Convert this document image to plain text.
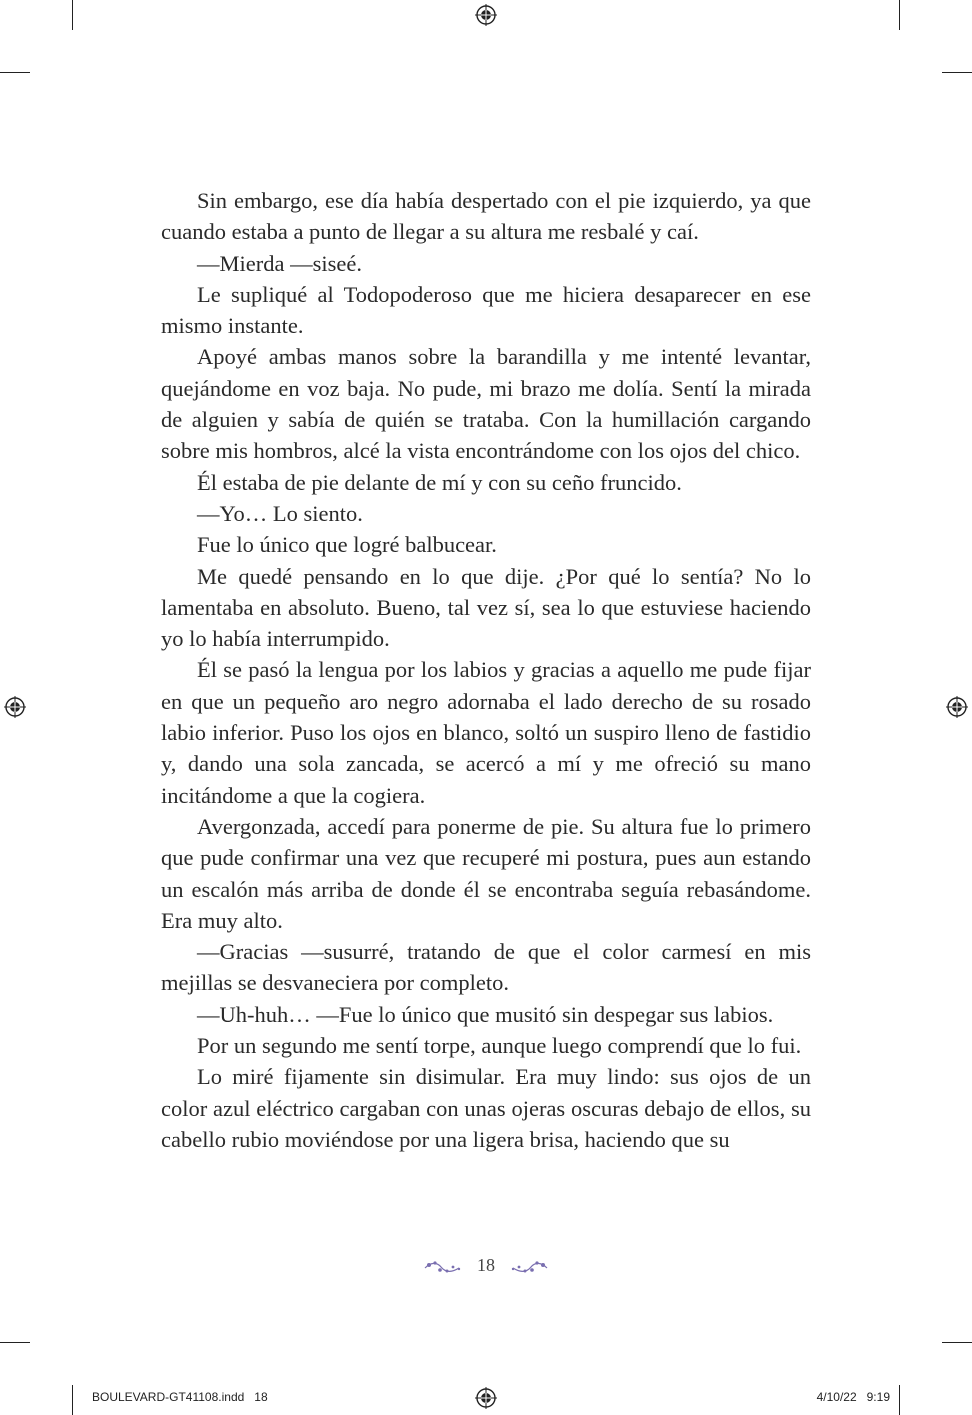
Sin embargo, ese día había despertado con el pie izquierdo, ya que cuando estaba a punto de llegar a su altura me resbalé y caí.

—Mierda —siseé.

Le supliqué al Todopoderoso que me hiciera desaparecer en ese mismo instante.

Apoyé ambas manos sobre la barandilla y me intenté levantar, quejándome en voz baja. No pude, mi brazo me dolía. Sentí la mirada de alguien y sabía de quién se trataba. Con la humillación cargando sobre mis hombros, alcé la vista encontrándome con los ojos del chico.

Él estaba de pie delante de mí y con su ceño fruncido.

—Yo… Lo siento.

Fue lo único que logré balbucear.

Me quedé pensando en lo que dije. ¿Por qué lo sentía? No lo lamentaba en absoluto. Bueno, tal vez sí, sea lo que estuviese haciendo yo lo había interrumpido.

Él se pasó la lengua por los labios y gracias a aquello me pude fijar en que un pequeño aro negro adornaba el lado derecho de su rosado labio inferior. Puso los ojos en blanco, soltó un suspiro lleno de fastidio y, dando una sola zancada, se acercó a mí y me ofreció su mano incitándome a que la cogiera.

Avergonzada, accedí para ponerme de pie. Su altura fue lo primero que pude confirmar una vez que recuperé mi postura, pues aun estando un escalón más arriba de donde él se encontraba seguía rebasándome. Era muy alto.

—Gracias —susurré, tratando de que el color carmesí en mis mejillas se desvaneciera por completo.

—Uh-huh… —Fue lo único que musitó sin despegar sus labios.

Por un segundo me sentí torpe, aunque luego comprendí que lo fui.

Lo miré fijamente sin disimular. Era muy lindo: sus ojos de un color azul eléctrico cargaban con unas ojeras oscuras debajo de ellos, su cabello rubio moviéndose por una ligera brisa, haciendo que su

18
BOULEVARD-GT41108.indd   18	4/10/22   9:19
